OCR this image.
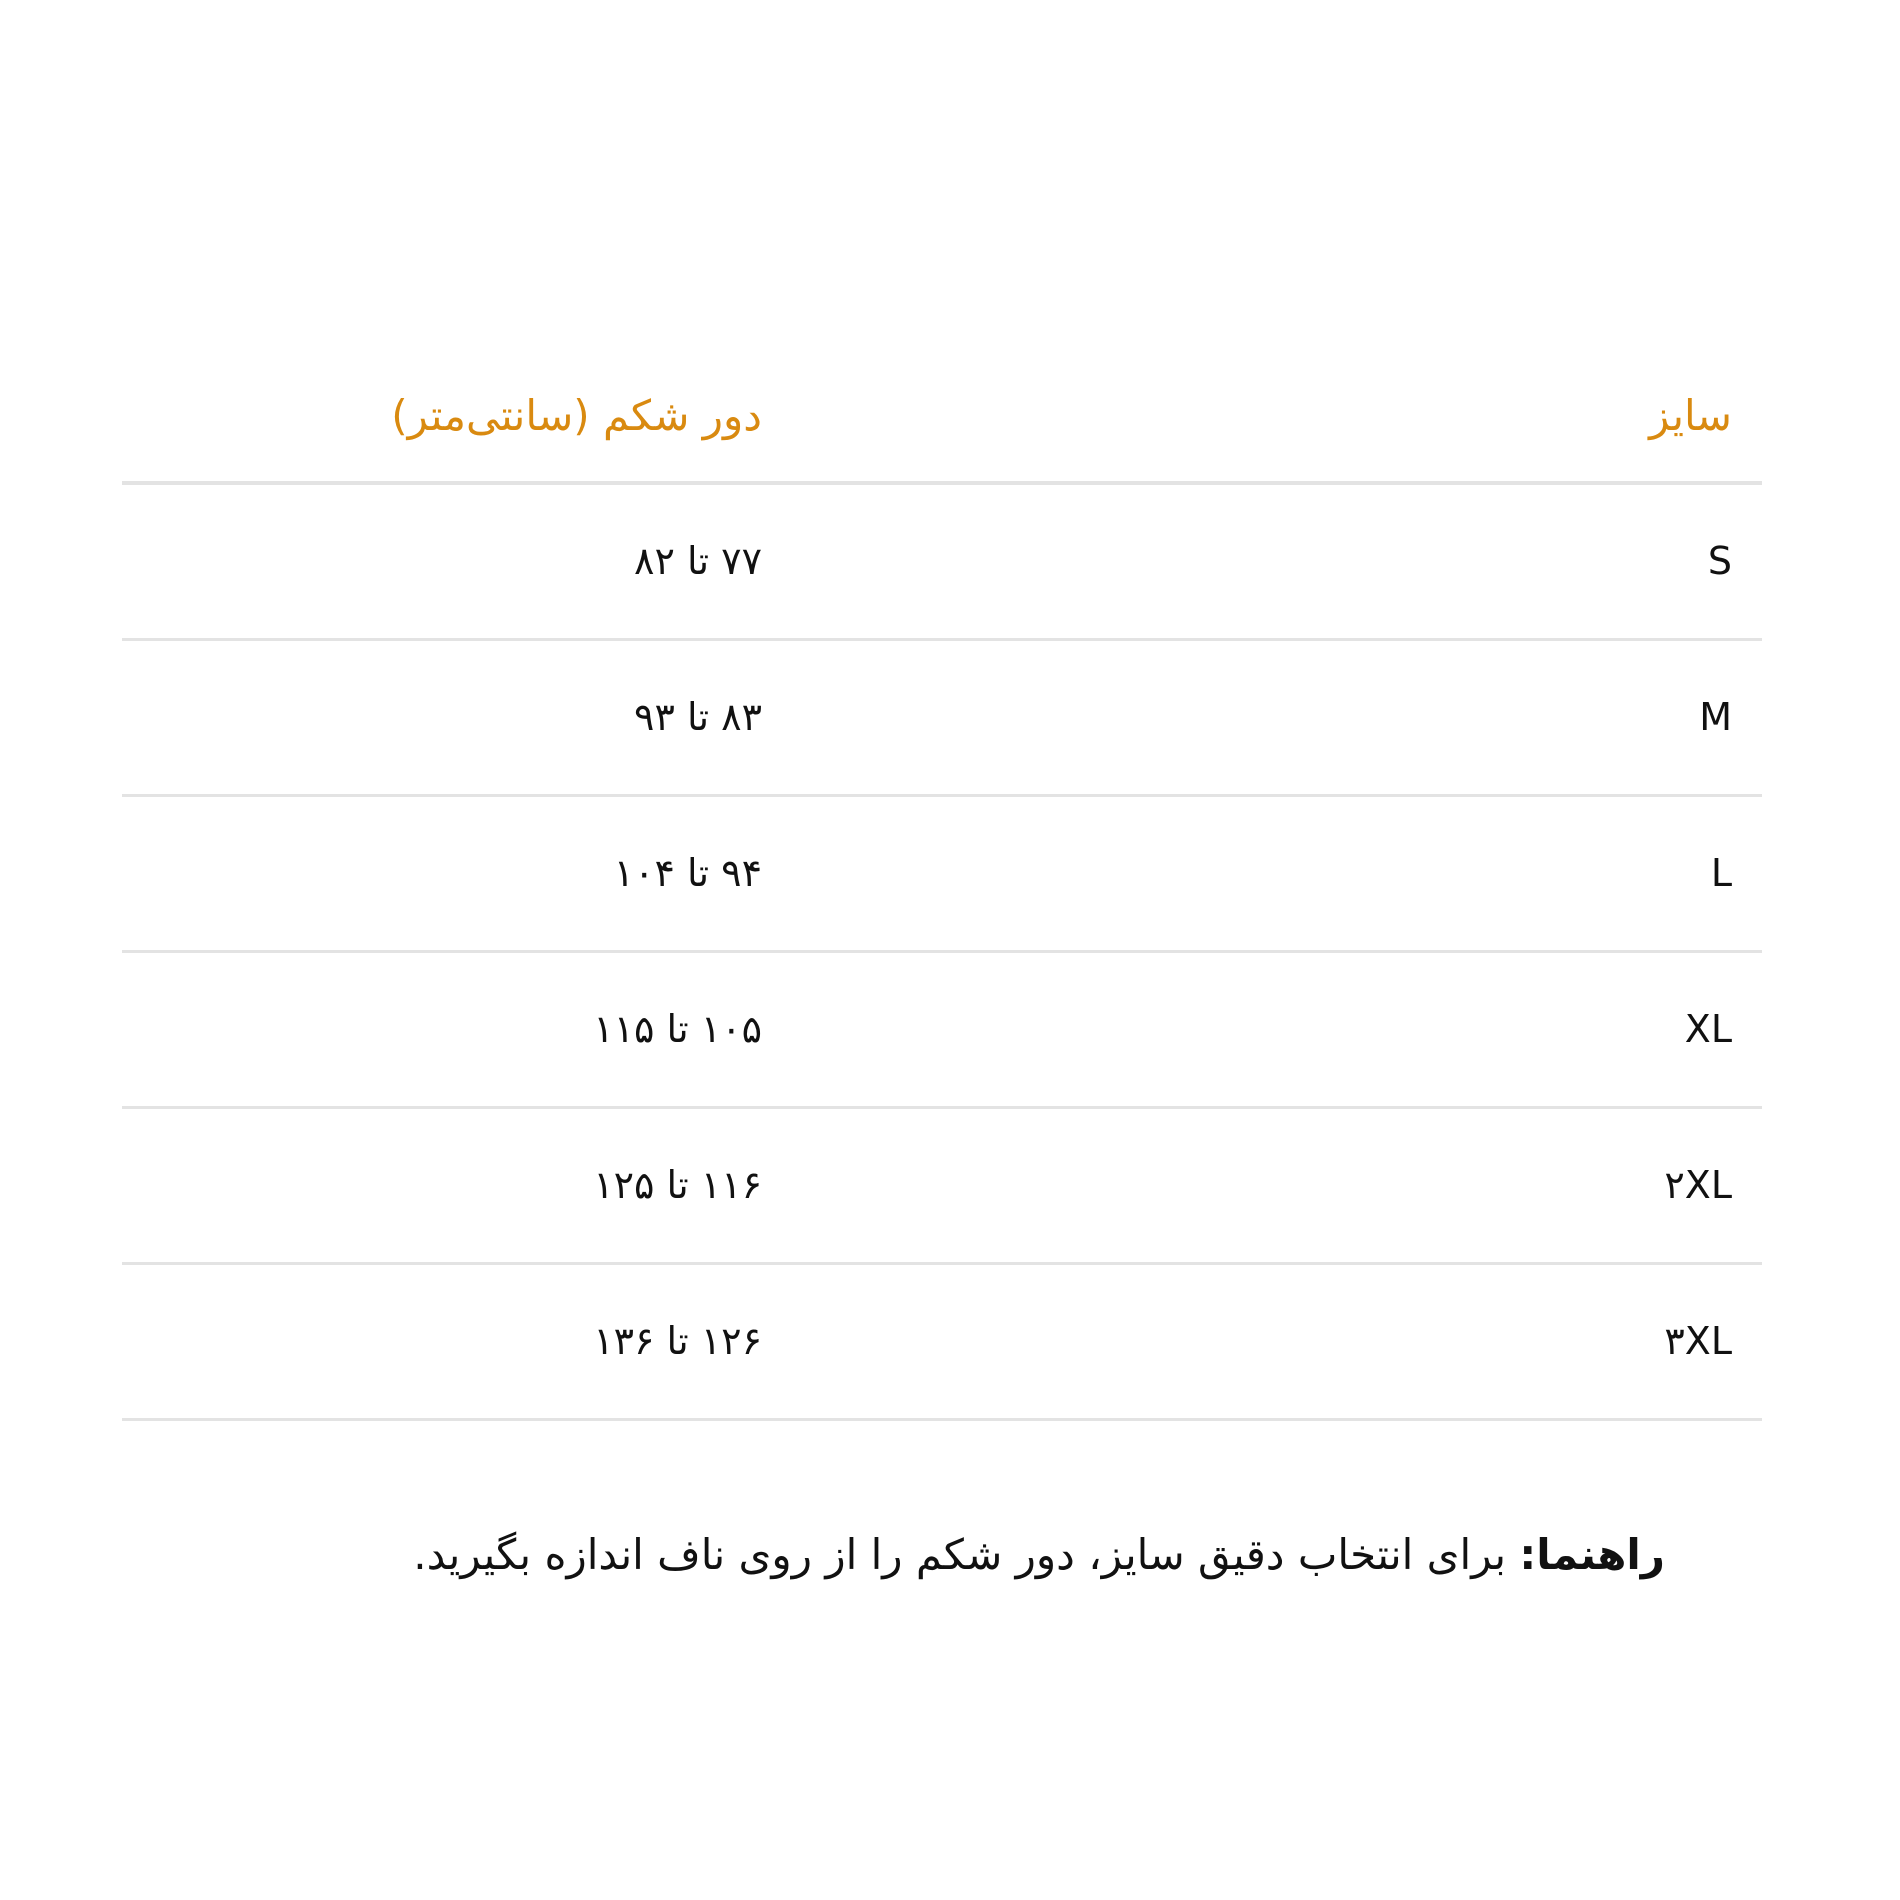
سایز	دور شکم (سانتی‌متر)
S	۷۷ تا ۸۲
M	۸۳ تا ۹۳
L	۹۴ تا ۱۰۴
XL	۱۰۵ تا ۱۱۵
۲XL	۱۱۶ تا ۱۲۵
۳XL	۱۲۶ تا ۱۳۶
راهنما: برای انتخاب دقیق سایز، دور شکم را از روی ناف اندازه بگیرید.
